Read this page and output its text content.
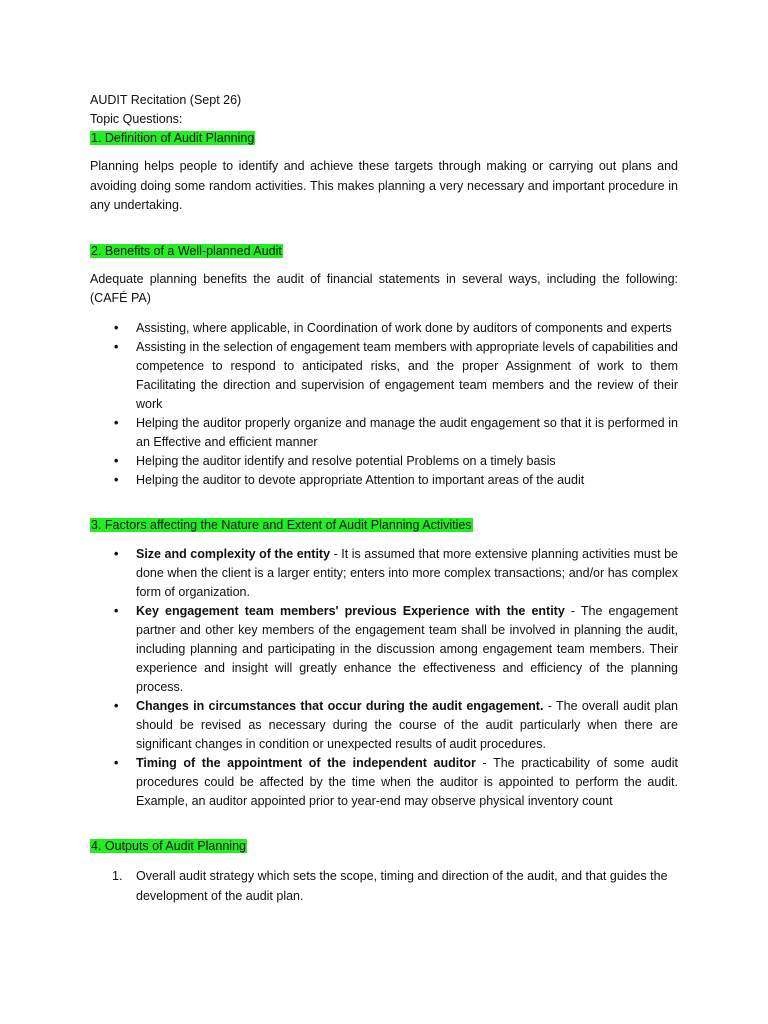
AUDIT Recitation (Sept 26)
Topic Questions:
1. Definition of Audit Planning
Planning helps people to identify and achieve these targets through making or carrying out plans and avoiding doing some random activities. This makes planning a very necessary and important procedure in any undertaking.
2. Benefits of a Well-planned Audit
Adequate planning benefits the audit of financial statements in several ways, including the following: (CAFÉ PA)
• Assisting, where applicable, in Coordination of work done by auditors of components and experts
• Assisting in the selection of engagement team members with appropriate levels of capabilities and competence to respond to anticipated risks, and the proper Assignment of work to them Facilitating the direction and supervision of engagement team members and the review of their work
• Helping the auditor properly organize and manage the audit engagement so that it is performed in an Effective and efficient manner
• Helping the auditor identify and resolve potential Problems on a timely basis
• Helping the auditor to devote appropriate Attention to important areas of the audit
3. Factors affecting the Nature and Extent of Audit Planning Activities
• Size and complexity of the entity - It is assumed that more extensive planning activities must be done when the client is a larger entity; enters into more complex transactions; and/or has complex form of organization.
• Key engagement team members' previous Experience with the entity - The engagement partner and other key members of the engagement team shall be involved in planning the audit, including planning and participating in the discussion among engagement team members. Their experience and insight will greatly enhance the effectiveness and efficiency of the planning process.
• Changes in circumstances that occur during the audit engagement. - The overall audit plan should be revised as necessary during the course of the audit particularly when there are significant changes in condition or unexpected results of audit procedures.
• Timing of the appointment of the independent auditor - The practicability of some audit procedures could be affected by the time when the auditor is appointed to perform the audit. Example, an auditor appointed prior to year-end may observe physical inventory count
4. Outputs of Audit Planning
1. Overall audit strategy which sets the scope, timing and direction of the audit, and that guides the development of the audit plan.
